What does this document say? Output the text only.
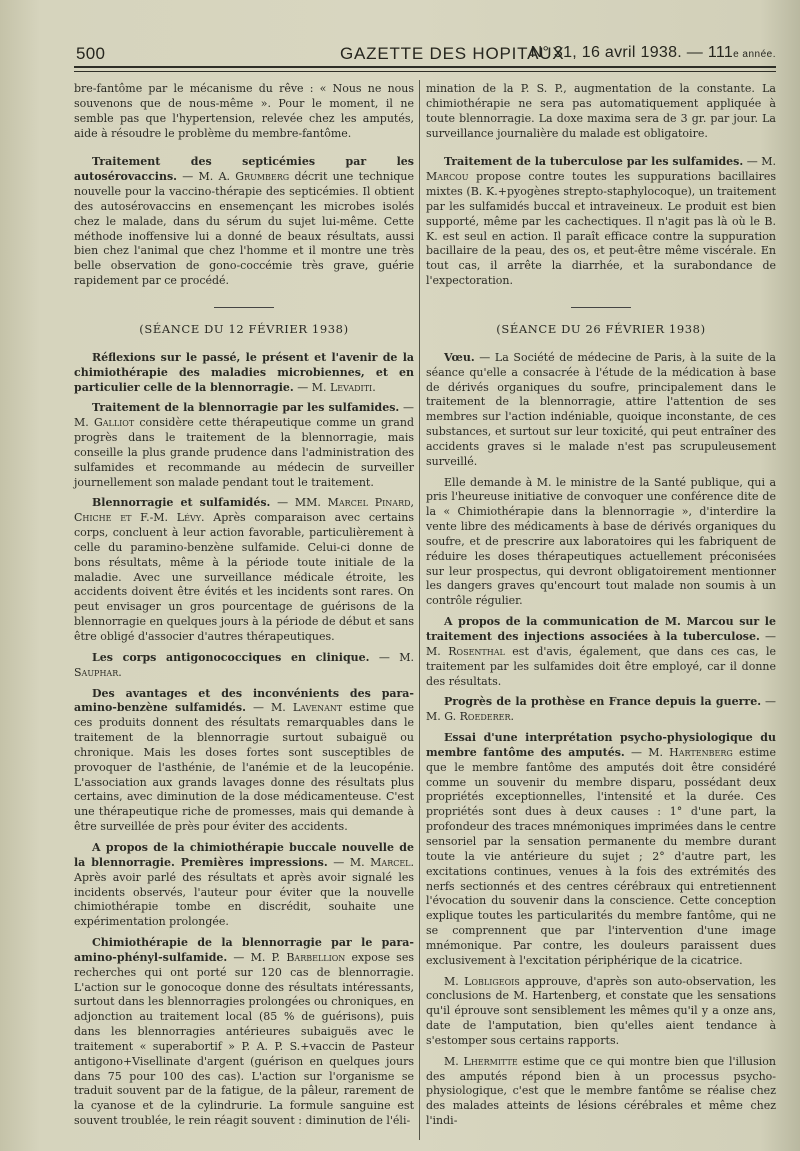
500	GAZETTE DES HOPITAUX
N° 31, 16 avril 1938. — 111e année.

bre-fantôme par le mécanisme du rêve : « Nous ne nous souvenons que de nous-même ». Pour le moment, il ne semble pas que l'hypertension, relevée chez les amputés, aide à résoudre le problème du membre-fantôme.

Traitement des septicémies par les autosérovaccins. — M. A. Grumberg décrit une technique nouvelle pour la vaccino-thérapie des septicémies. Il obtient des autosérovaccins en ensemençant les microbes isolés chez le malade, dans du sérum du sujet lui-même. Cette méthode inoffensive lui a donné de beaux résultats, aussi bien chez l'animal que chez l'homme et il montre une très belle observation de gono-coccémie très grave, guérie rapidement par ce procédé.

(SÉANCE DU 12 FÉVRIER 1938)

Réflexions sur le passé, le présent et l'avenir de la chimiothérapie des maladies microbiennes, et en particulier celle de la blennorragie. — M. Levaditi.

Traitement de la blennorragie par les sulfamides. — M. Galliot considère cette thérapeutique comme un grand progrès dans le traitement de la blennorragie, mais conseille la plus grande prudence dans l'administration des sulfamides et recommande au médecin de surveiller journellement son malade pendant tout le traitement.

Blennorragie et sulfamidés. — MM. Marcel Pinard, Chiche et F.-M. Lévy. Après comparaison avec certains corps, concluent à leur action favorable, particulièrement à celle du paramino-benzène sulfamide. Celui-ci donne de bons résultats, même à la période toute initiale de la maladie. Avec une surveillance médicale étroite, les accidents doivent être évités et les incidents sont rares. On peut envisager un gros pourcentage de guérisons de la blennorragie en quelques jours à la période de début et sans être obligé d'associer d'autres thérapeutiques.

Les corps antigonococciques en clinique. — M. Sauphar.

Des avantages et des inconvénients des para-amino-benzène sulfamidés. — M. Lavenant estime que ces produits donnent des résultats remarquables dans le traitement de la blennorragie surtout subaiguë ou chronique. Mais les doses fortes sont susceptibles de provoquer de l'asthénie, de l'anémie et de la leucopénie. L'association aux grands lavages donne des résultats plus certains, avec diminution de la dose médicamenteuse. C'est une thérapeutique riche de promesses, mais qui demande à être surveillée de près pour éviter des accidents.

A propos de la chimiothérapie buccale nouvelle de la blennorragie. Premières impressions. — M. Marcel. Après avoir parlé des résultats et après avoir signalé les incidents observés, l'auteur pour éviter que la nouvelle chimiothérapie tombe en discrédit, souhaite une expérimentation prolongée.

Chimiothérapie de la blennorragie par le para-amino-phényl-sulfamide. — M. P. Barbellion expose ses recherches qui ont porté sur 120 cas de blennorragie. L'action sur le gonocoque donne des résultats intéressants, surtout dans les blennorragies prolongées ou chroniques, en adjonction au traitement local (85 % de guérisons), puis dans les blennorragies antérieures subaiguës avec le traitement « superabortif » P. A. P. S.+vaccin de Pasteur antigono+Visellinate d'argent (guérison en quelques jours dans 75 pour 100 des cas). L'action sur l'organisme se traduit souvent par de la fatigue, de la pâleur, rarement de la cyanose et de la cylindrurie. La formule sanguine est souvent troublée, le rein réagit souvent : diminution de l'éli-

mination de la P. S. P., augmentation de la constante. La chimiothérapie ne sera pas automatiquement appliquée à toute blennorragie. La doxe maxima sera de 3 gr. par jour. La surveillance journalière du malade est obligatoire.

Traitement de la tuberculose par les sulfamides. — M. Marcou propose contre toutes les suppurations bacillaires mixtes (B. K.+pyogènes strepto-staphylocoque), un traitement par les sulfamidés buccal et intraveineux. Le produit est bien supporté, même par les cachectiques. Il n'agit pas là où le B. K. est seul en action. Il paraît efficace contre la suppuration bacillaire de la peau, des os, et peut-être même viscérale. En tout cas, il arrête la diarrhée, et la surabondance de l'expectoration.

(SÉANCE DU 26 FÉVRIER 1938)

Vœu. — La Société de médecine de Paris, à la suite de la séance qu'elle a consacrée à l'étude de la médication à base de dérivés organiques du soufre, principalement dans le traitement de la blennorragie, attire l'attention de ses membres sur l'action indéniable, quoique inconstante, de ces substances, et surtout sur leur toxicité, qui peut entraîner des accidents graves si le malade n'est pas scrupuleusement surveillé.

Elle demande à M. le ministre de la Santé publique, qui a pris l'heureuse initiative de convoquer une conférence dite de la « Chimiothérapie dans la blennorragie », d'interdire la vente libre des médicaments à base de dérivés organiques du soufre, et de prescrire aux laboratoires qui les fabriquent de réduire les doses thérapeutiques actuellement préconisées sur leur prospectus, qui devront obligatoirement mentionner les dangers graves qu'encourt tout malade non soumis à un contrôle régulier.

A propos de la communication de M. Marcou sur le traitement des injections associées à la tuberculose. — M. Rosenthal est d'avis, également, que dans ces cas, le traitement par les sulfamides doit être employé, car il donne des résultats.

Progrès de la prothèse en France depuis la guerre. — M. G. Roederer.

Essai d'une interprétation psycho-physiologique du membre fantôme des amputés. — M. Hartenberg estime que le membre fantôme des amputés doit être considéré comme un souvenir du membre disparu, possédant deux propriétés exceptionnelles, l'intensité et la durée. Ces propriétés sont dues à deux causes : 1° d'une part, la profondeur des traces mnémoniques imprimées dans le centre sensoriel par la sensation permanente du membre durant toute la vie antérieure du sujet ; 2° d'autre part, les excitations continues, venues à la fois des extrémités des nerfs sectionnés et des centres cérébraux qui entretiennent l'évocation du souvenir dans la conscience. Cette conception explique toutes les particularités du membre fantôme, qui ne se comprennent que par l'intervention d'une image mnémonique. Par contre, les douleurs paraissent dues exclusivement à l'excitation périphérique de la cicatrice.

M. Lobligeois approuve, d'après son auto-observation, les conclusions de M. Hartenberg, et constate que les sensations qu'il éprouve sont sensiblement les mêmes qu'il y a onze ans, date de l'amputation, bien qu'elles aient tendance à s'estomper sous certains rapports.

M. Lhermitte estime que ce qui montre bien que l'illusion des amputés répond bien à un processus psycho-physiologique, c'est que le membre fantôme se réalise chez des malades atteints de lésions cérébrales et même chez l'indi-
